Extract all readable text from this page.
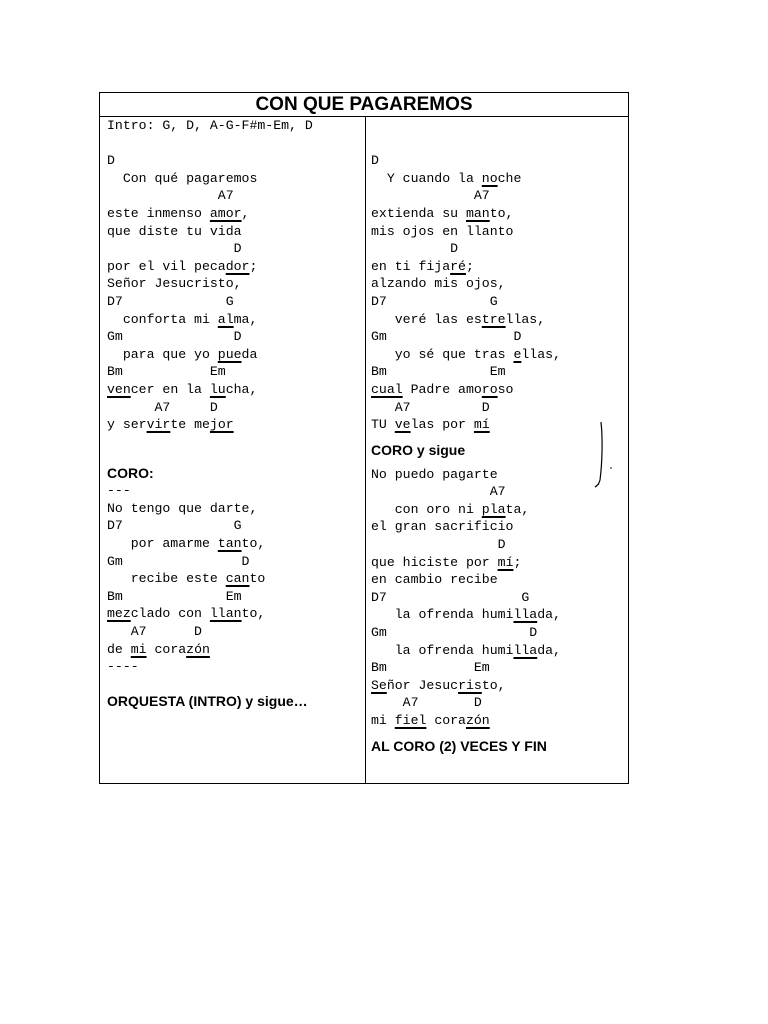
CON QUE PAGAREMOS
Intro: G, D, A-G-F#m-Em, D
D
Con qué pagaremos
A7
este inmenso amor,
que diste tu vida
D
por el vil pecador;
Señor Jesucristo,
D7             G
conforta mi alma,
Gm              D
para que yo pueda
Bm           Em
vencer en la lucha,
A7     D
y servirte mejor
CORO:
---
No tengo que darte,
D7              G
por amarme tanto,
Gm               D
recibe este canto
Bm             Em
mezclado con llanto,
A7      D
de mi corazón
----
ORQUESTA (INTRO) y sigue…
D
Y cuando la noche
A7
extienda su manto,
mis ojos en llanto
D
en ti fijaré;
alzando mis ojos,
D7             G
veré las estrellas,
Gm                D
yo sé que tras ellas,
Bm             Em
cual Padre amoroso
A7         D
TU velas por mí
CORO y sigue
No puedo pagarte
A7
con oro ni plata,
el gran sacrificio
D
que hiciste por mí;
en cambio recibe
D7                 G
la ofrenda humillada,
Gm                  D
la ofrenda humillada,
Bm           Em
Señor Jesucristo,
A7       D
mi fiel corazón
AL CORO (2) VECES Y FIN
